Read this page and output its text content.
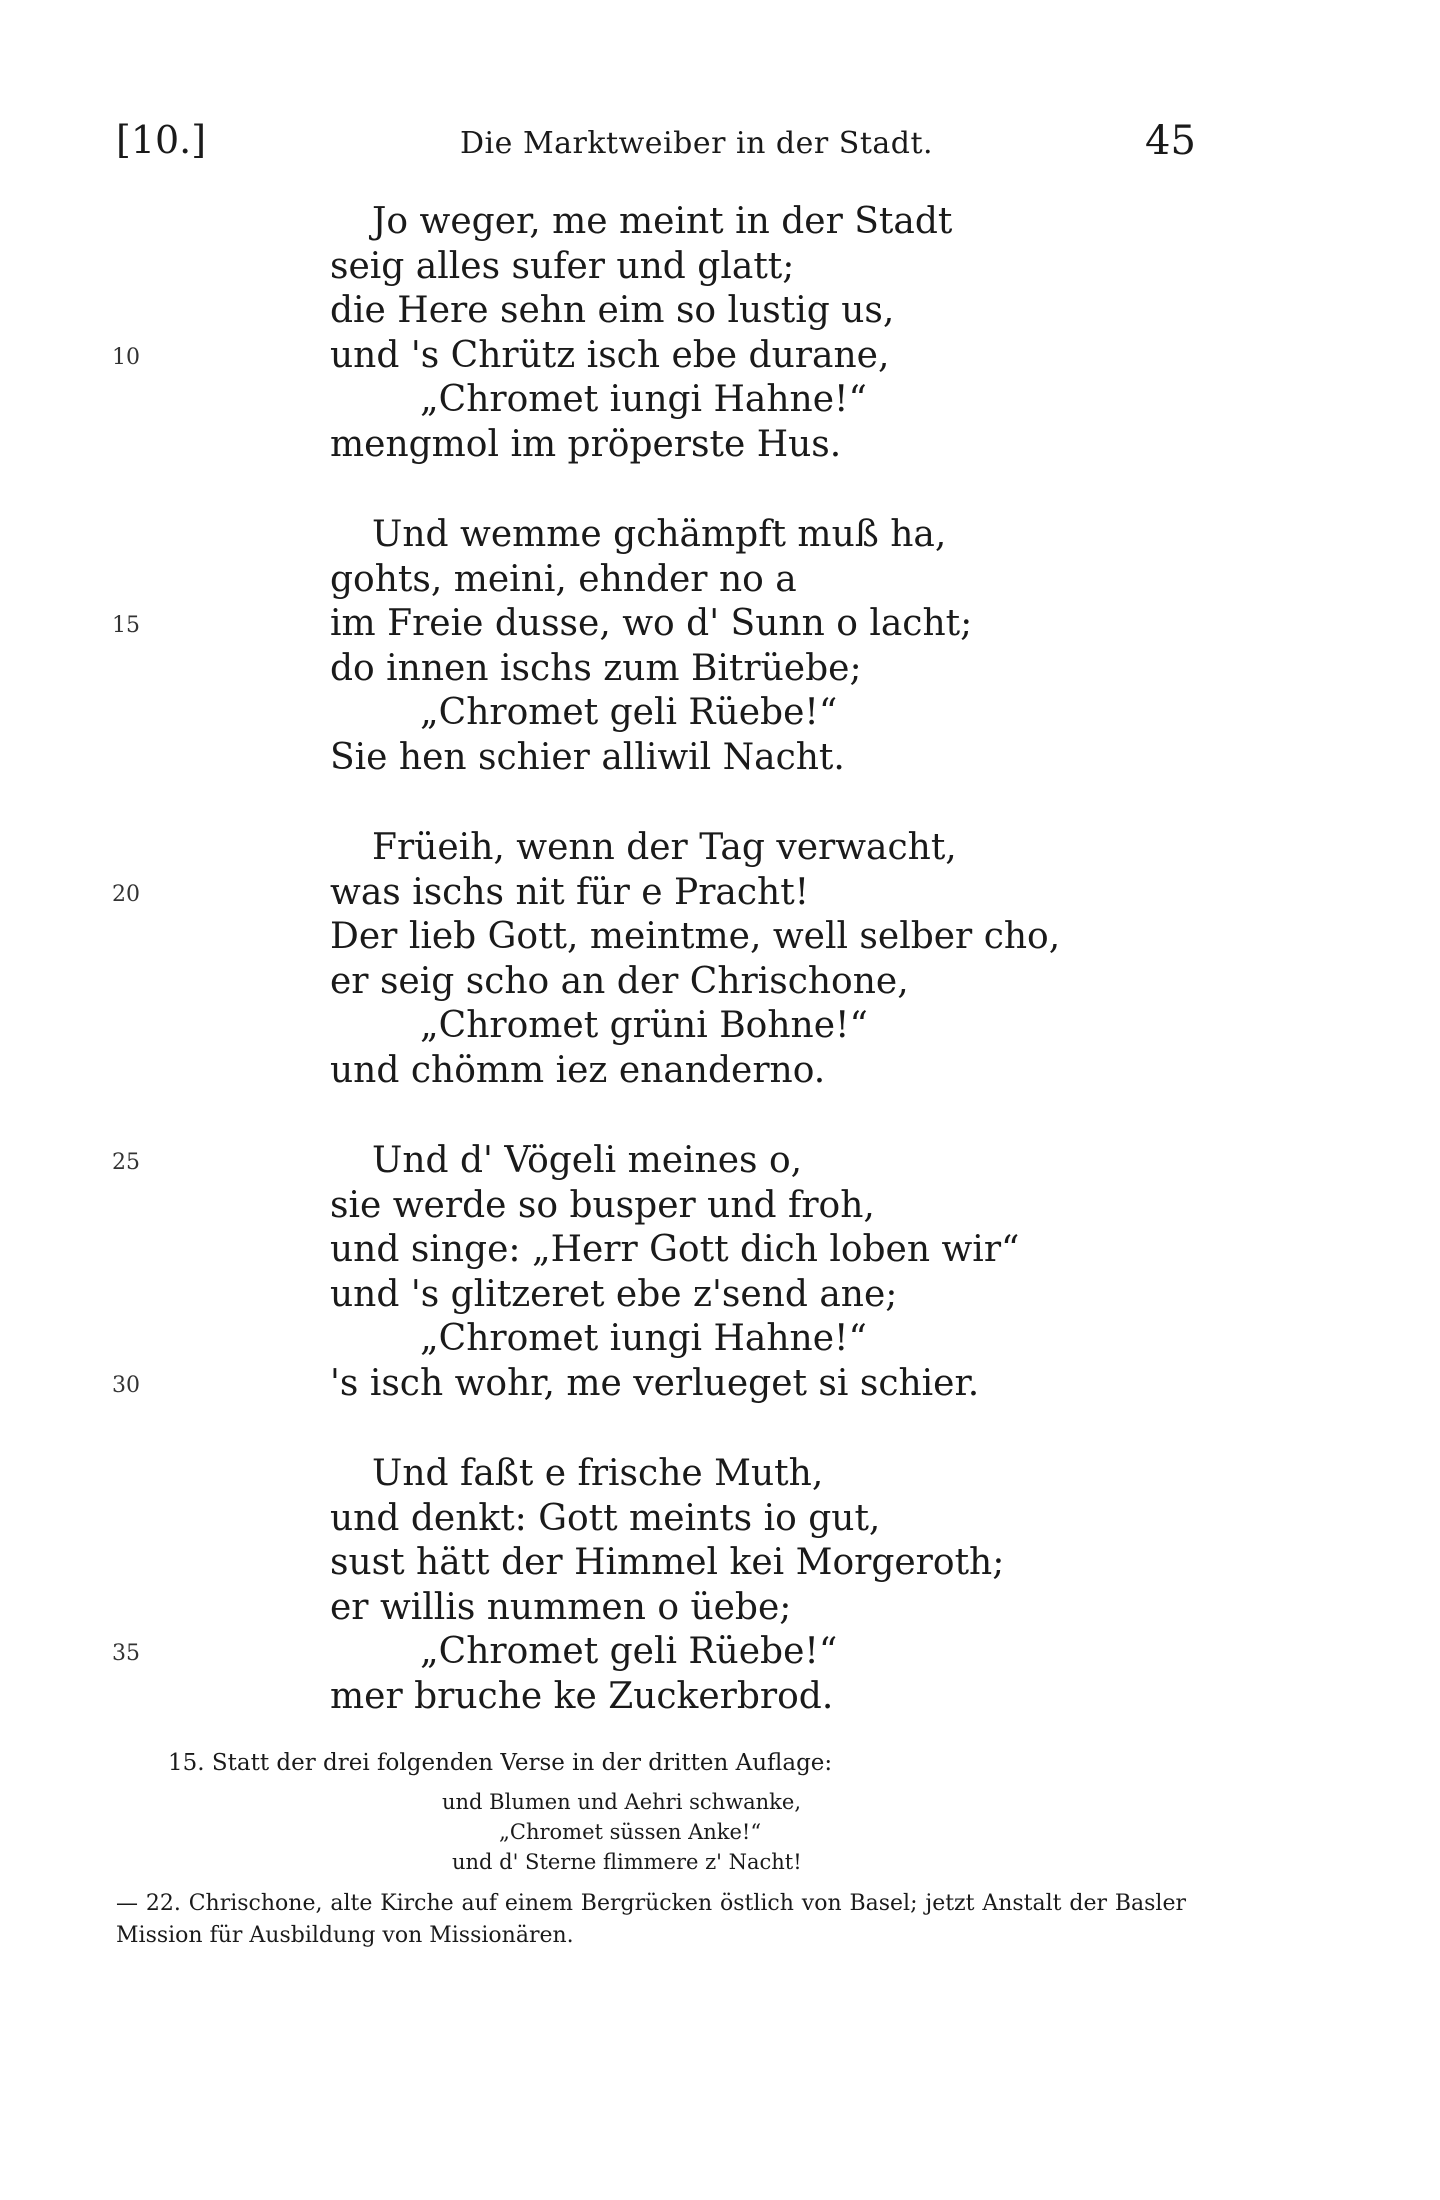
[10.]	Die Marktweiber in der Stadt.	45
Jo weger, me meint in der Stadt
seig alles sufer und glatt;
die Here sehn eim so lustig us,
10	und 's Chrütz isch ebe durane,
„Chromet iungi Hahne!“
mengmol im pröperste Hus.
Und wemme gchämpft muß ha,
gohts, meini, ehnder no a
15	im Freie dusse, wo d' Sunn o lacht;
do innen ischs zum Bitrüebe;
„Chromet geli Rüebe!“
Sie hen schier alliwil Nacht.
Früeih, wenn der Tag verwacht,
20	was ischs nit für e Pracht!
Der lieb Gott, meintme, well selber cho,
er seig scho an der Chrischone,
„Chromet grüni Bohne!“
und chömm iez enanderno.
25	Und d' Vögeli meines o,
sie werde so busper und froh,
und singe: „Herr Gott dich loben wir“
und 's glitzeret ebe z'send ane;
„Chromet iungi Hahne!“
30	's isch wohr, me verlueget si schier.
Und faßt e frische Muth,
und denkt: Gott meints io gut,
sust hätt der Himmel kei Morgeroth;
er willis nummen o üebe;
35	„Chromet geli Rüebe!“
mer bruche ke Zuckerbrod.
15. Statt der drei folgenden Verse in der dritten Auflage:
und Blumen und Aehri schwanke,
„Chromet süssen Anke!“
und d' Sterne flimmere z' Nacht!
— 22. Chrischone, alte Kirche auf einem Bergrücken östlich von Basel; jetzt Anstalt der Basler Mission für Ausbildung von Missionären.
